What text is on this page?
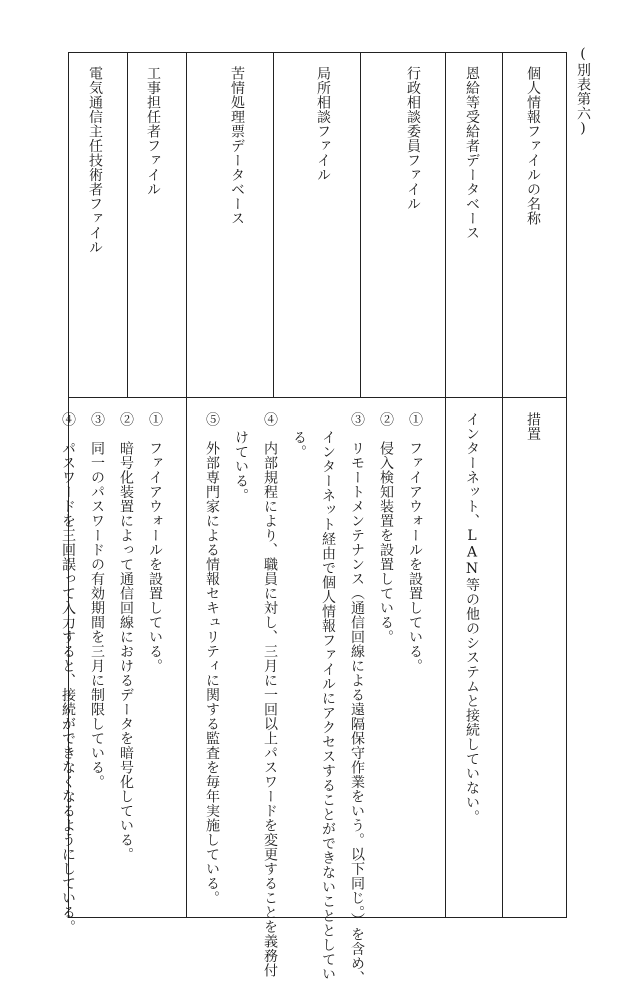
(別表第六)
個人情報ファイルの名称
措置
恩給等受給者データベース
インターネット、LAN等の他のシステムと接続していない。
行政相談委員ファイル
局所相談ファイル
苦情処理票データベース
①　ファイアウォールを設置している。
②　侵入検知装置を設置している。
③　リモートメンテナンス（通信回線による遠隔保守作業をいう。以下同じ。）を含め、
インターネット経由で個人情報ファイルにアクセスすることができないこととしてい
る。
④　内部規程により、職員に対し、三月に一回以上パスワードを変更することを義務付
けている。
⑤　外部専門家による情報セキュリティに関する監査を毎年実施している。
工事担任者ファイル
電気通信主任技術者ファイル
①　ファイアウォールを設置している。
②　暗号化装置によって通信回線におけるデータを暗号化している。
③　同一のパスワードの有効期間を三月に制限している。
④　パスワードを三回誤って入力すると、接続ができなくなるようにしている。
